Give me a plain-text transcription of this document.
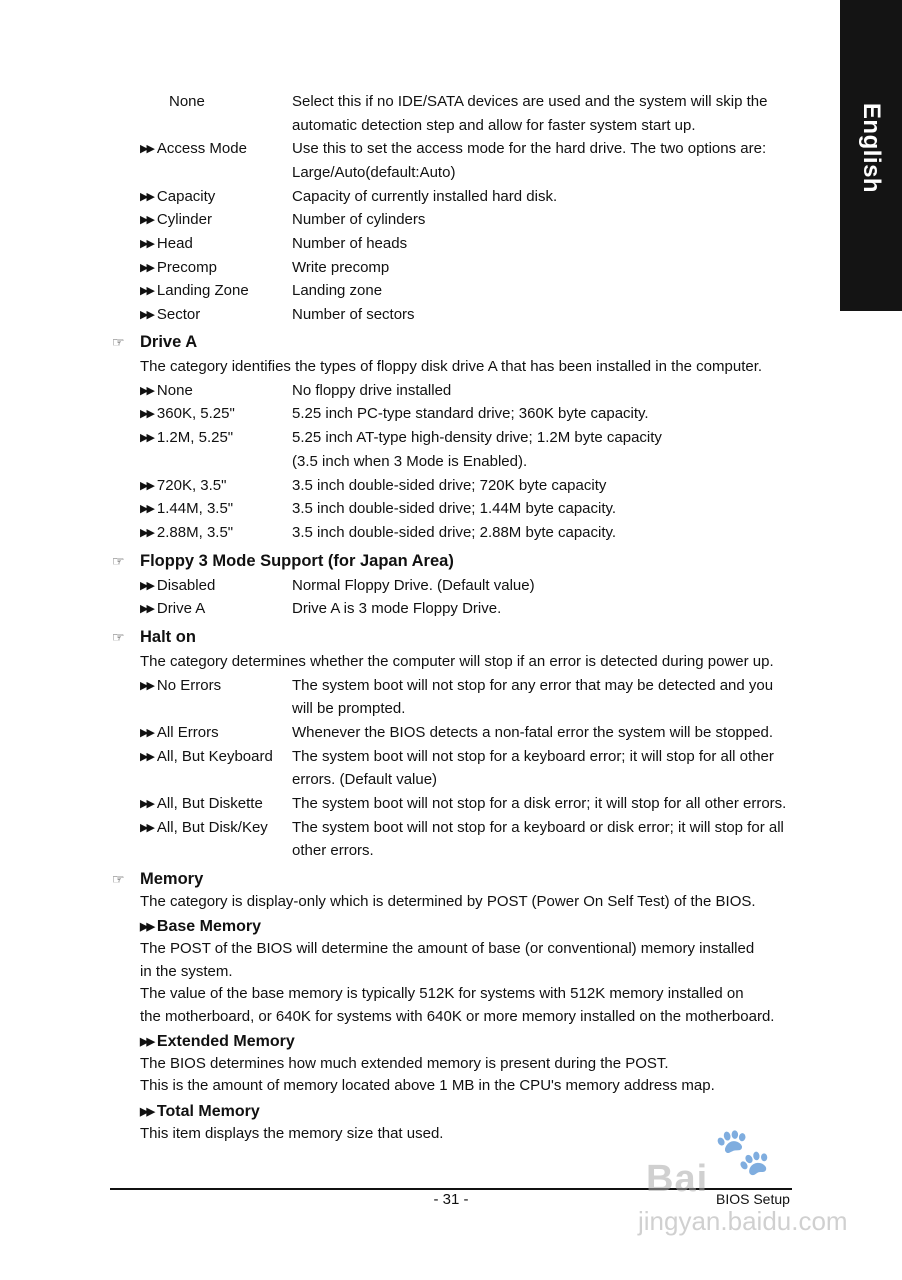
English
None	Select this if no IDE/SATA devices are used and the system will skip the
automatic detection step and allow for faster system start up.
▶▶ Access Mode	Use this to set the access mode for the hard drive. The two options are:
Large/Auto(default:Auto)
▶▶ Capacity	Capacity of currently installed hard disk.
▶▶ Cylinder	Number of cylinders
▶▶ Head	Number of heads
▶▶ Precomp	Write precomp
▶▶ Landing Zone	Landing zone
▶▶ Sector	Number of sectors
☞ Drive A
The category identifies the types of floppy disk drive A that has been installed in the computer.
▶▶ None	No floppy drive installed
▶▶ 360K, 5.25"	5.25 inch PC-type standard drive; 360K byte capacity.
▶▶ 1.2M, 5.25"	5.25 inch AT-type high-density drive; 1.2M byte capacity
(3.5 inch when 3 Mode is Enabled).
▶▶ 720K, 3.5"	3.5 inch double-sided drive; 720K byte capacity
▶▶ 1.44M, 3.5"	3.5 inch double-sided drive; 1.44M byte capacity.
▶▶ 2.88M, 3.5"	3.5 inch double-sided drive; 2.88M byte capacity.
☞ Floppy 3 Mode Support (for Japan Area)
▶▶ Disabled	Normal Floppy Drive. (Default value)
▶▶ Drive A	Drive A is 3 mode Floppy Drive.
☞ Halt on
The category determines whether the computer will stop if an error is detected during power up.
▶▶ No Errors	The system boot will not stop for any error that may be detected and you
will be prompted.
▶▶ All Errors	Whenever the BIOS detects a non-fatal error the system will be stopped.
▶▶ All, But Keyboard	The system boot will not stop for a keyboard error; it will stop for all other
errors. (Default value)
▶▶ All, But Diskette	The system boot will not stop for a disk error; it will stop for all other errors.
▶▶ All, But Disk/Key	The system boot will not stop for a keyboard or disk error; it will stop for all
other errors.
☞ Memory
The category is display-only which is determined by POST (Power On Self Test) of the BIOS.
▶▶ Base Memory
The POST of the BIOS will determine the amount of base (or conventional) memory installed
in the system.
The value of the base memory is typically 512K for systems with 512K memory installed on
the motherboard, or 640K for systems with 640K or more memory installed on the motherboard.
▶▶ Extended Memory
The BIOS determines how much extended memory is present during the POST.
This is the amount of memory located above 1 MB in the CPU's memory address map.
▶▶ Total Memory
This item displays the memory size that used.
- 31 -	Bai
🐾
jingyan.baidu.com
BIOS Setup
